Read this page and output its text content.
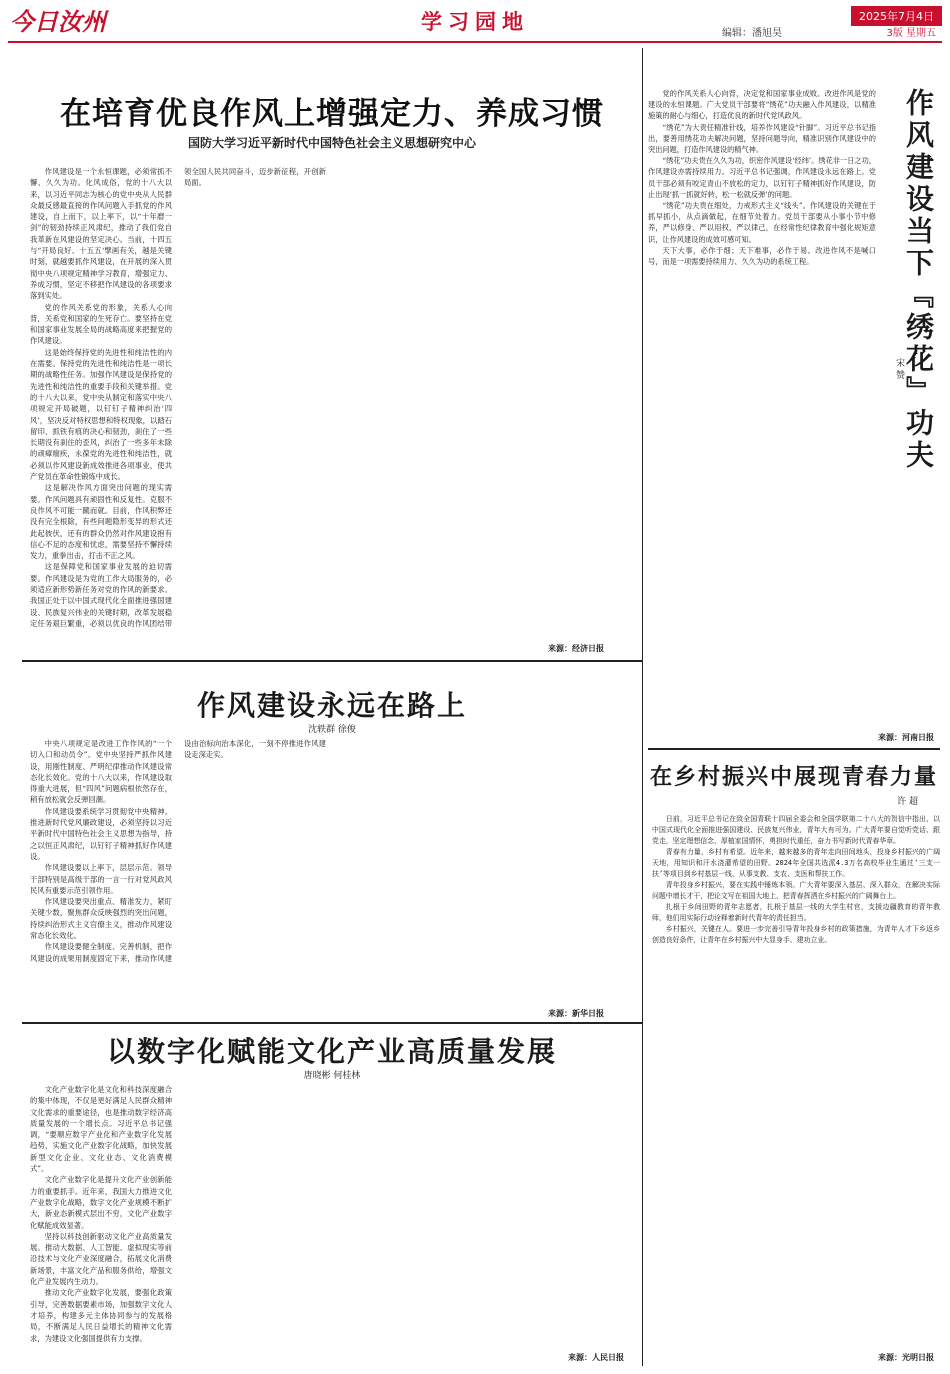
今日汝州	学习园地	编辑：潘旭昊
2025年7月4日
3版 星期五
在培育优良作风上增强定力、养成习惯
国防大学习近平新时代中国特色社会主义思想研究中心

作风建设是一个永恒课题，必须常抓不懈、久久为功。化风成俗，党的十八大以来，以习近平同志为核心的党中央从人民群众最反感最直接的作风问题入手抓党的作风建设，自上而下，以上率下，以“十年磨一剑”的韧劲持续正风肃纪，推动了我们党自我革新在风建设的坚定决心。当前，十四五与“开局良好、十五五‘擘画有关，越是关键时刻，就越要抓作风建设，在开展的深入贯彻中央八项规定精神学习教育，增强定力、养成习惯，坚定不移把作风建设的各项要求落到实处。

党的作风关系党的形象，关系人心向背，关系党和国家的生死存亡。要坚持在党和国家事业发展全局的战略高度来把握党的作风建设。

这是始终保持党的先进性和纯洁性的内在需要。保持党的先进性和纯洁性是一项长期的战略性任务。加强作风建设是保持党的先进性和纯洁性的重要手段和关键举措。党的十八大以来，党中央从制定和落实中央八项规定开局破题，以钉钉子精神纠治‘四风’，坚决反对特权思想和特权现象，以踏石留印、抓铁有痕的决心和韧劲，刹住了一些长期没有刹住的歪风，纠治了一些多年未除的顽瘴痼疾，永葆党的先进性和纯洁性，就必须以作风建设新成效推进各项事业，使共产党员在革命性锻炼中成长。

这是解决作风方面突出问题的现实需要。作风问题具有顽固性和反复性。克服不良作风不可能一蹴而就。目前，作风积弊还没有完全根除，有些问题隐形变异的形式还此起彼伏，还有的群众仍然对作风建设抱有信心不足的态度和忧虑，需要坚持不懈持续发力，重拳出击，打击不正之风。

这是保障党和国家事业发展的迫切需要。作风建设是为党的工作大局服务的，必须适应新形势新任务对党的作风的新要求。我国正处于以中国式现代化全面推进强国建设、民族复兴伟业的关键时期，改革发展稳定任务艰巨繁重，必须以优良的作风团结带领全国人民共同奋斗，迈步新征程，开创新局面。

来源：经济日报

党的作风关系人心向背，决定党和国家事业成败。改进作风是党的建设的永恒课题。广大党员干部要将“绣花”功夫融入作风建设，以精准施策的耐心与细心，打造优良的新时代党风政风。

“绣花”为大责任精准针线，培养作风建设“针脚”。习近平总书记指出，要善用绣花功夫解决问题，坚持问题导向，精准识别作风建设中的突出问题，打造作风建设的精气神。

“绣花”功夫贵在久久为功，织密作风建设‘经纬’。绣花非一日之功，作风建设亦需持续用力。习近平总书记强调，作风建设永远在路上。党员干部必须有咬定青山不放松的定力，以钉钉子精神抓好作风建设，防止出现‘抓一抓就好转，松一松就反弹’的问题。

“绣花”功夫贵在细处，力戒形式主义“线头”。作风建设的关键在于抓早抓小，从点滴做起，在细节处着力。党员干部要从小事小节中修养，严以修身、严以用权、严以律己，在经常性纪律教育中强化规矩意识，让作风建设的成效可感可知。

天下大事，必作于细；天下难事，必作于易。改进作风不是喊口号，而是一项需要持续用力、久久为功的系统工程。	作风建设当下『绣花』功夫
宋 赞
来源：河南日报
作风建设永远在路上
沈轶群 徐俊

中央八项规定是改进工作作风的“一个切入口和动员令”。党中央坚持严抓作风建设，用刚性制度、严明纪律推动作风建设常态化长效化。党的十八大以来，作风建设取得重大进展，但“四风”问题病根依然存在，稍有放松就会反弹回潮。

作风建设要系统学习贯彻党中央精神。推进新时代党风廉政建设，必须坚持以习近平新时代中国特色社会主义思想为指导，持之以恒正风肃纪，以钉钉子精神抓好作风建设。

作风建设要以上率下，层层示范。领导干部特别是高级干部的一言一行对党风政风民风有重要示范引领作用。

作风建设要突出重点、精准发力，紧盯关键少数，聚焦群众反映强烈的突出问题，持续纠治形式主义官僚主义，推动作风建设常态化长效化。

作风建设要健全制度、完善机制，把作风建设的成果用制度固定下来，推动作风建设由治标向治本深化，一刻不停推进作风建设走深走实。

来源：新华日报
以数字化赋能文化产业高质量发展
唐晓彬 何桂林

文化产业数字化是文化和科技深度融合的集中体现，不仅是更好满足人民群众精神文化需求的重要途径，也是推动数字经济高质量发展的一个增长点。习近平总书记强调，“要顺应数字产业化和产业数字化发展趋势，实施文化产业数字化战略，加快发展新型文化企业、文化业态、文化消费模式”。

文化产业数字化是提升文化产业创新能力的重要抓手。近年来，我国大力推进文化产业数字化战略，数字文化产业规模不断扩大，新业态新模式层出不穷，文化产业数字化赋能成效显著。

坚持以科技创新驱动文化产业高质量发展。推动大数据、人工智能、虚拟现实等前沿技术与文化产业深度融合，拓展文化消费新场景，丰富文化产品和服务供给，增强文化产业发展内生动力。

推动文化产业数字化发展，要强化政策引导，完善数据要素市场，加强数字文化人才培养，构建多元主体协同参与的发展格局，不断满足人民日益增长的精神文化需求，为建设文化强国提供有力支撑。

来源：人民日报
在乡村振兴中展现青春力量
许 超

日前，习近平总书记在致全国青联十四届全委会和全国学联第二十八大的贺信中指出，以中国式现代化全面推进强国建设、民族复兴伟业，青年大有可为。广大青年要自觉听党话、跟党走，坚定理想信念，厚植家国情怀，勇担时代重任，奋力书写新时代青春华章。

青春有力量，乡村有希望。近年来，越来越多的青年走向田间地头，投身乡村振兴的广阔天地，用知识和汗水浇灌希望的田野。2024年全国共选派4.3万名高校毕业生通过‘三支一扶’等项目到乡村基层一线，从事支教、支农、支医和帮扶工作。

青年投身乡村振兴，要在实践中锤炼本领。广大青年要深入基层、深入群众，在解决实际问题中增长才干，把论文写在祖国大地上，把青春挥洒在乡村振兴的广阔舞台上。

扎根于乡间田野的青年志愿者，扎根于基层一线的大学生村官，支援边疆教育的青年教师，他们用实际行动诠释着新时代青年的责任担当。

乡村振兴，关键在人。要进一步完善引导青年投身乡村的政策措施，为青年人才下乡返乡创造良好条件，让青年在乡村振兴中大显身手、建功立业。

来源：光明日报
